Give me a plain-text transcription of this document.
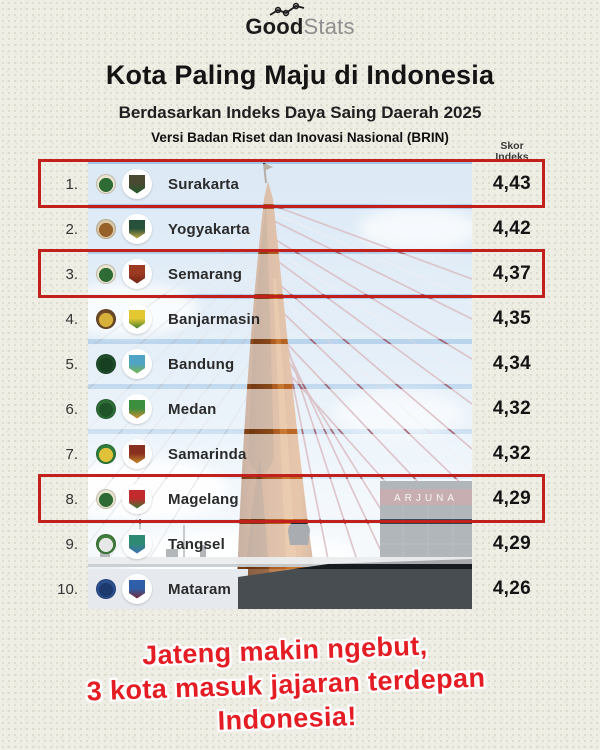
GoodStats
Kota Paling Maju di Indonesia
Berdasarkan Indeks Daya Saing Daerah 2025
Versi Badan Riset dan Inovasi Nasional (BRIN)
Skor
Indeks
1.	Surakarta	4,43
2.	Yogyakarta	4,42
3.	Semarang	4,37
4.	Banjarmasin	4,35
5.	Bandung	4,34
6.	Medan	4,32
7.	Samarinda	4,32
8.	Magelang	4,29
9.	Tangsel	4,29
10.	Mataram	4,26
Jateng makin ngebut,
3 kota masuk jajaran terdepan
Indonesia!
